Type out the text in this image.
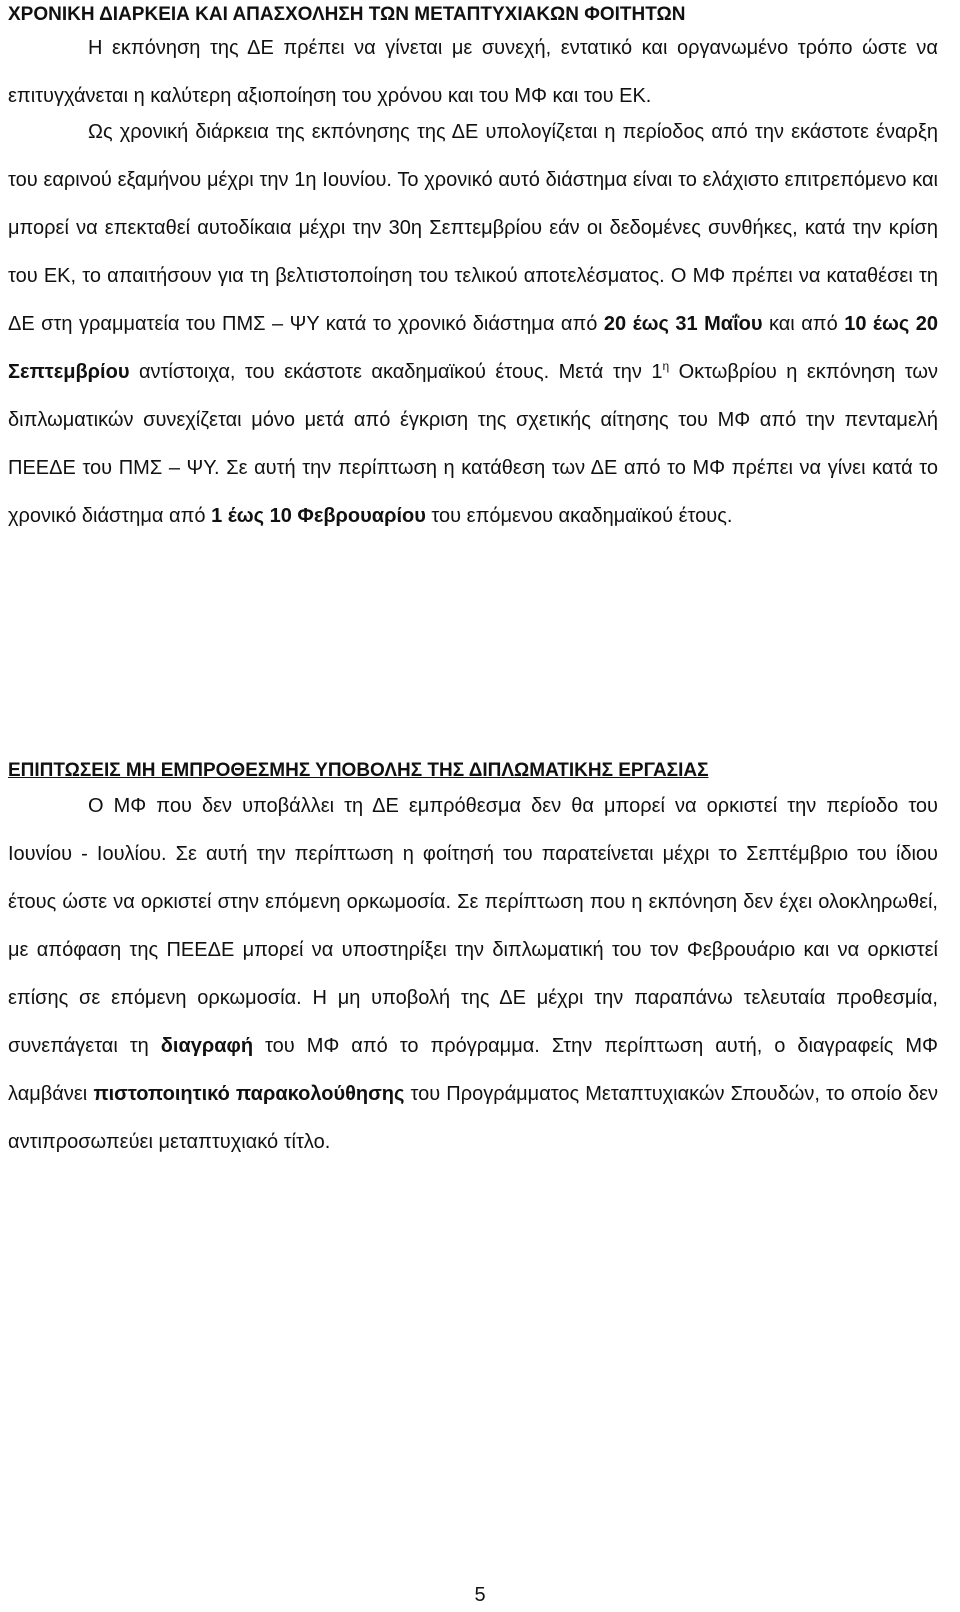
ΧΡΟΝΙΚΗ ΔΙΑΡΚΕΙΑ ΚΑΙ ΑΠΑΣΧΟΛΗΣΗ ΤΩΝ ΜΕΤΑΠΤΥΧΙΑΚΩΝ ΦΟΙΤΗΤΩΝ

Η εκπόνηση της ΔΕ πρέπει να γίνεται με συνεχή, εντατικό και οργανωμένο τρόπο ώστε να επιτυγχάνεται η καλύτερη αξιοποίηση του χρόνου και του ΜΦ και του ΕΚ.

Ως χρονική διάρκεια της εκπόνησης της ΔΕ υπολογίζεται η περίοδος από την εκάστοτε έναρξη του εαρινού εξαμήνου μέχρι την 1η Ιουνίου. Το χρονικό αυτό διάστημα είναι το ελάχιστο επιτρεπόμενο και μπορεί να επεκταθεί αυτοδίκαια μέχρι την 30η Σεπτεμβρίου εάν οι δεδομένες συνθήκες, κατά την κρίση του ΕΚ, το απαιτήσουν για τη βελτιστοποίηση του τελικού αποτελέσματος. Ο ΜΦ πρέπει να καταθέσει τη ΔΕ στη γραμματεία του ΠΜΣ – ΨΥ κατά το χρονικό διάστημα από 20 έως 31 Μαΐου και από 10 έως 20 Σεπτεμβρίου αντίστοιχα, του εκάστοτε ακαδημαϊκού έτους. Μετά την $1^\eta$ Οκτωβρίου η εκπόνηση των διπλωματικών συνεχίζεται μόνο μετά από έγκριση της σχετικής αίτησης του ΜΦ από την πενταμελή ΠΕΕΔΕ του ΠΜΣ – ΨΥ. Σε αυτή την περίπτωση η κατάθεση των ΔΕ από το ΜΦ πρέπει να γίνει κατά το χρονικό διάστημα από 1 έως 10 Φεβρουαρίου του επόμενου ακαδημαϊκού έτους.

ΕΠΙΠΤΩΣΕΙΣ ΜΗ ΕΜΠΡΟΘΕΣΜΗΣ ΥΠΟΒΟΛΗΣ ΤΗΣ ΔΙΠΛΩΜΑΤΙΚΗΣ ΕΡΓΑΣΙΑΣ

Ο ΜΦ που δεν υποβάλλει τη ΔΕ εμπρόθεσμα δεν θα μπορεί να ορκιστεί την περίοδο του Ιουνίου - Ιουλίου. Σε αυτή την περίπτωση η φοίτησή του παρατείνεται μέχρι το Σεπτέμβριο του ίδιου έτους ώστε να ορκιστεί στην επόμενη ορκωμοσία. Σε περίπτωση που η εκπόνηση δεν έχει ολοκληρωθεί, με απόφαση της ΠΕΕΔΕ μπορεί να υποστηρίξει την διπλωματική του τον Φεβρουάριο και να ορκιστεί επίσης σε επόμενη ορκωμοσία. Η μη υποβολή της ΔΕ μέχρι την παραπάνω τελευταία προθεσμία, συνεπάγεται τη διαγραφή του ΜΦ από το πρόγραμμα. Στην περίπτωση αυτή, ο διαγραφείς ΜΦ λαμβάνει πιστοποιητικό παρακολούθησης του Προγράμματος Μεταπτυχιακών Σπουδών, το οποίο δεν αντιπροσωπεύει μεταπτυχιακό τίτλο.

5
